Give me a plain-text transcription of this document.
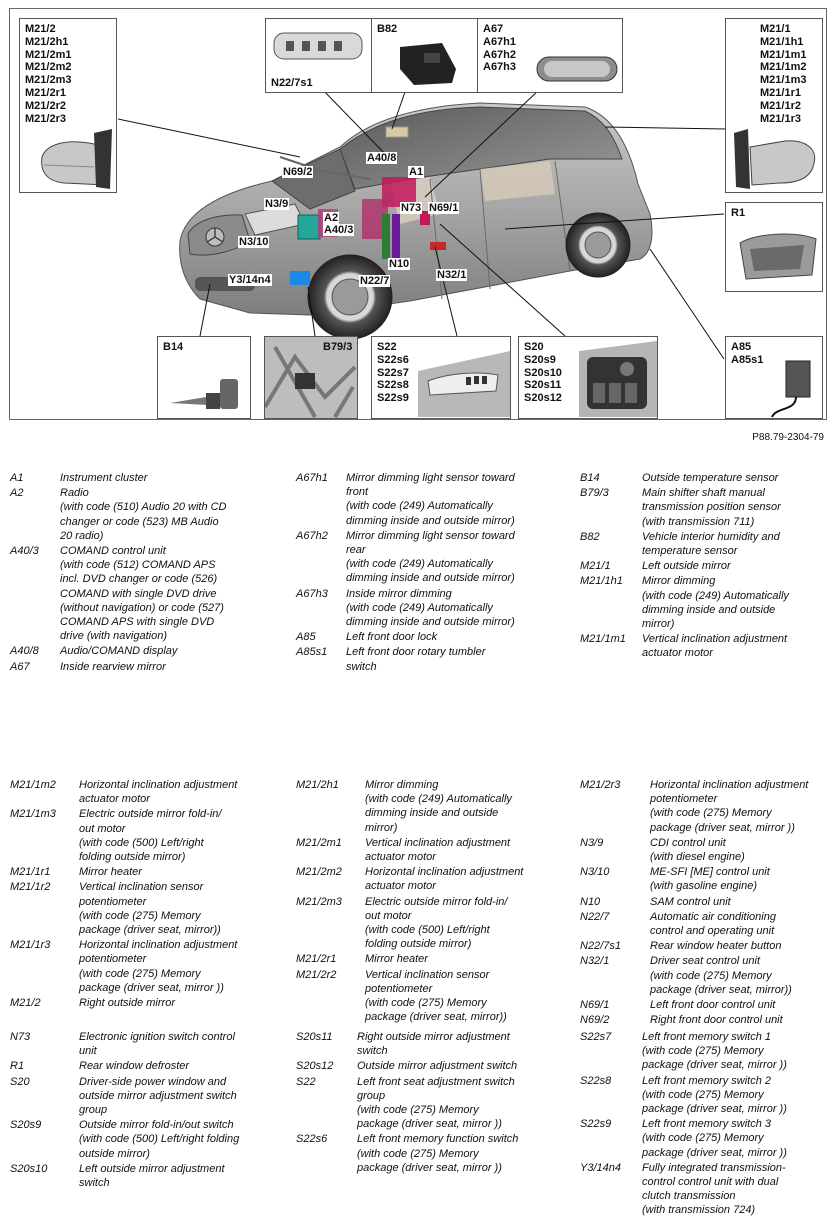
M21/2
M21/2h1
M21/2m1
M21/2m2
M21/2m3
M21/2r1
M21/2r2
M21/2r3
N22/7s1
B82	A67
A67h1
A67h2
A67h3
M21/1
M21/1h1
M21/1m1
M21/1m2
M21/1m3
M21/1r1
M21/1r2
M21/1r3
R1
B14	B79/3 S22
S22s6
S22s7
S22s8
S22s9
S20
S20s9
S20s10
S20s11
S20s12
A85
A85s1
A40/8
A1
N69/2
N3/9
A2
A40/3
N73 N69/1
N3/10
Y3/14n4
N10
N22/7	N32/1
P88.79-2304-79
A1	Instrument cluster
A2	Radio
(with code (510) Audio 20 with CD
changer or code (523) MB Audio
20 radio)
A40/3	COMAND control unit
(with code (512) COMAND APS
incl. DVD changer or code (526)
COMAND with single DVD drive
(without navigation) or code (527)
COMAND APS with single DVD
drive (with navigation)
A40/8	Audio/COMAND display
A67	Inside rearview mirror
A67h1	Mirror dimming light sensor toward
front
(with code (249) Automatically
dimming inside and outside mirror)
A67h2	Mirror dimming light sensor toward
rear
(with code (249) Automatically
dimming inside and outside mirror)
A67h3	Inside mirror dimming
(with code (249) Automatically
dimming inside and outside mirror)
A85	Left front door lock
A85s1	Left front door rotary tumbler
switch
B14	Outside temperature sensor
B79/3	Main shifter shaft manual
transmission position sensor
(with transmission 711)
B82	Vehicle interior humidity and
temperature sensor
M21/1	Left outside mirror
M21/1h1	Mirror dimming
(with code (249) Automatically
dimming inside and outside
mirror)
M21/1m1	Vertical inclination adjustment
actuator motor
M21/1m2	Horizontal inclination adjustment
actuator motor
M21/1m3	Electric outside mirror fold-in/
out motor
(with code (500) Left/right
folding outside mirror)
M21/1r1	Mirror heater
M21/1r2	Vertical inclination sensor
potentiometer
(with code (275) Memory
package (driver seat, mirror))
M21/1r3	Horizontal inclination adjustment
potentiometer
(with code (275) Memory
package (driver seat, mirror ))
M21/2	Right outside mirror
M21/2h1	Mirror dimming
(with code (249) Automatically
dimming inside and outside
mirror)
M21/2m1	Vertical inclination adjustment
actuator motor
M21/2m2	Horizontal inclination adjustment
actuator motor
M21/2m3	Electric outside mirror fold-in/
out motor
(with code (500) Left/right
folding outside mirror)
M21/2r1	Mirror heater
M21/2r2	Vertical inclination sensor
potentiometer
(with code (275) Memory
package (driver seat, mirror))
M21/2r3	Horizontal inclination adjustment
potentiometer
(with code (275) Memory
package (driver seat, mirror ))
N3/9	CDI control unit
(with diesel engine)
N3/10	ME-SFI [ME] control unit
(with gasoline engine)
N10	SAM control unit
N22/7	Automatic air conditioning
control and operating unit
N22/7s1	Rear window heater button
N32/1	Driver seat control unit
(with code (275) Memory
package (driver seat, mirror))
N69/1	Left front door control unit
N69/2	Right front door control unit
N73	Electronic ignition switch control
unit
R1	Rear window defroster
S20	Driver-side power window and
outside mirror adjustment switch
group
S20s9	Outside mirror fold-in/out switch
(with code (500) Left/right folding
outside mirror)
S20s10	Left outside mirror adjustment
switch
S20s11	Right outside mirror adjustment
switch
S20s12	Outside mirror adjustment switch
S22	Left front seat adjustment switch
group
(with code (275) Memory
package (driver seat, mirror ))
S22s6	Left front memory function switch
(with code (275) Memory
package (driver seat, mirror ))
S22s7	Left front memory switch 1
(with code (275) Memory
package (driver seat, mirror ))
S22s8	Left front memory switch 2
(with code (275) Memory
package (driver seat, mirror ))
S22s9	Left front memory switch 3
(with code (275) Memory
package (driver seat, mirror ))
Y3/14n4	Fully integrated transmission-
control control unit with dual
clutch transmission
(with transmission 724)
